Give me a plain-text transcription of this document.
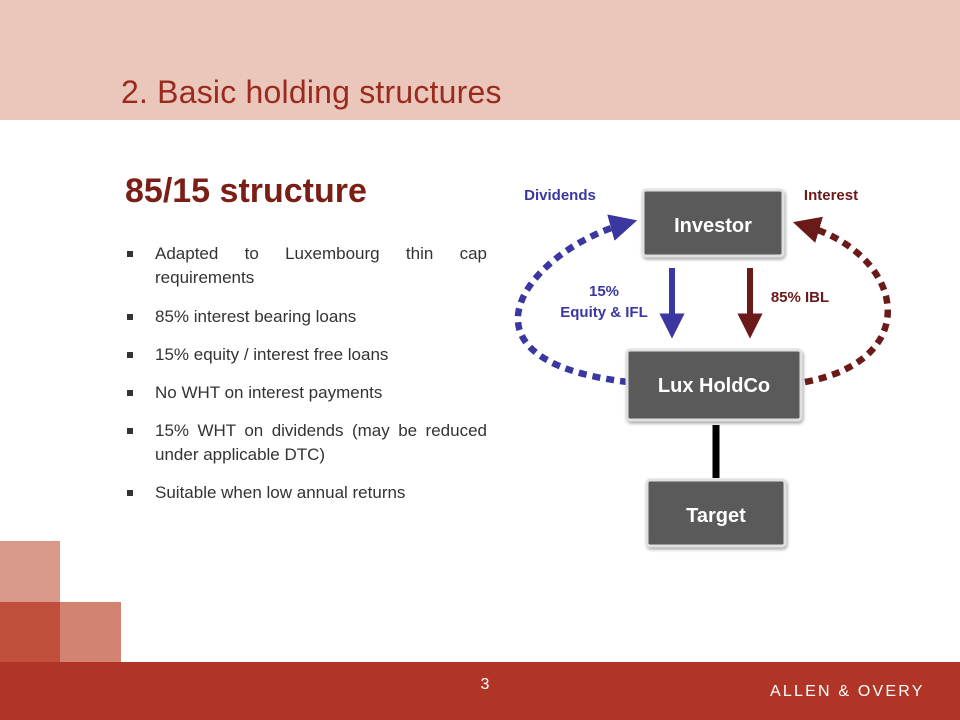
2. Basic holding structures
85/15 structure
Adapted to Luxembourg thin cap requirements
85% interest bearing loans
15% equity / interest free loans
No WHT on interest payments
15% WHT on dividends (may be reduced under applicable DTC)
Suitable when low annual returns
Investor
Lux HoldCo
Target
Dividends	Interest
15%
Equity & IFL
85% IBL
3	ALLEN & OVERY
